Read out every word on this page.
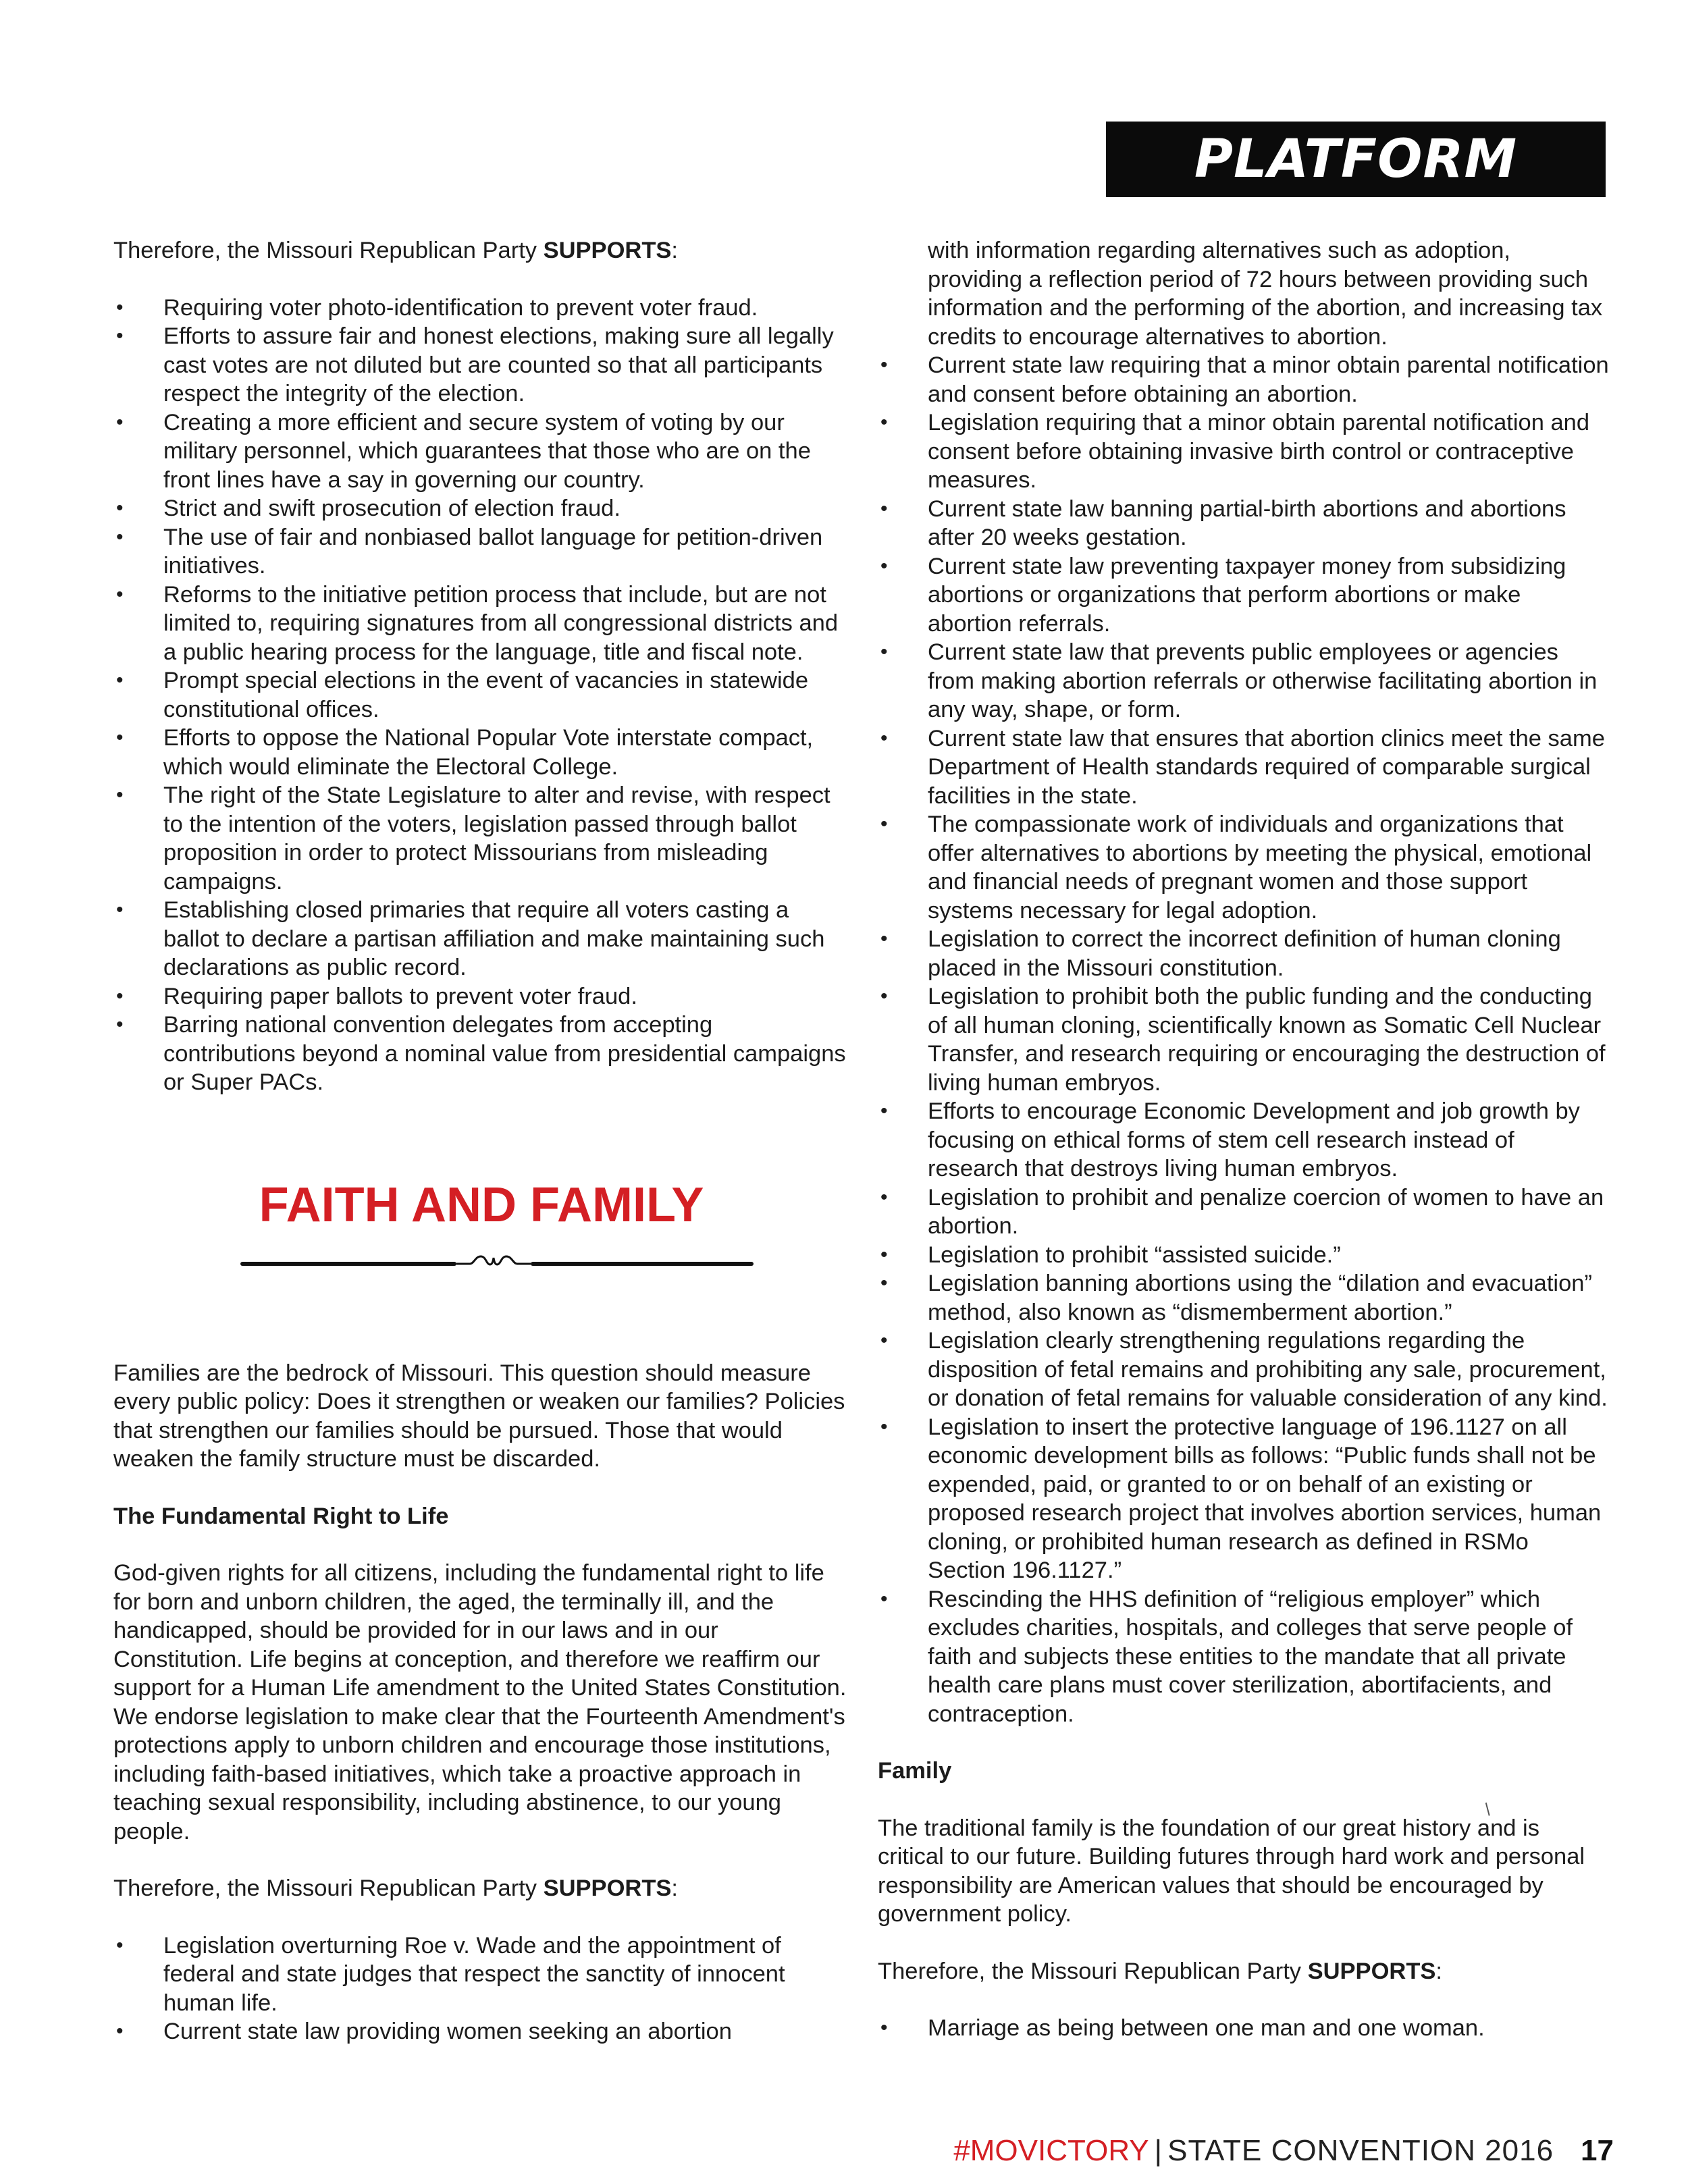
PLATFORM

Therefore, the Missouri Republican Party SUPPORTS:

• Requiring voter photo-identification to prevent voter fraud.
• Efforts to assure fair and honest elections, making sure all legally cast votes are not diluted but are counted so that all participants respect the integrity of the election.
• Creating a more efficient and secure system of voting by our military personnel, which guarantees that those who are on the front lines have a say in governing our country.
• Strict and swift prosecution of election fraud.
• The use of fair and nonbiased ballot language for petition-driven initiatives.
• Reforms to the initiative petition process that include, but are not limited to, requiring signatures from all congressional districts and a public hearing process for the language, title and fiscal note.
• Prompt special elections in the event of vacancies in statewide constitutional offices.
• Efforts to oppose the National Popular Vote interstate compact, which would eliminate the Electoral College.
• The right of the State Legislature to alter and revise, with respect to the intention of the voters, legislation passed through ballot proposition in order to protect Missourians from misleading campaigns.
• Establishing closed primaries that require all voters casting a ballot to declare a partisan affiliation and make maintaining such declarations as public record.
• Requiring paper ballots to prevent voter fraud.
• Barring national convention delegates from accepting contributions beyond a nominal value from presidential campaigns or Super PACs.
FAITH AND FAMILY

Families are the bedrock of Missouri. This question should measure every public policy: Does it strengthen or weaken our families? Policies that strengthen our families should be pursued. Those that would weaken the family structure must be discarded.

The Fundamental Right to Life

God-given rights for all citizens, including the fundamental right to life for born and unborn children, the aged, the terminally ill, and the handicapped, should be provided for in our laws and in our Constitution. Life begins at conception, and therefore we reaffirm our support for a Human Life amendment to the United States Constitution. We endorse legislation to make clear that the Fourteenth Amendment's protections apply to unborn children and encourage those institutions, including faith-based initiatives, which take a proactive approach in teaching sexual responsibility, including abstinence, to our young people.

Therefore, the Missouri Republican Party SUPPORTS:

• Legislation overturning Roe v. Wade and the appointment of federal and state judges that respect the sanctity of innocent human life.
• Current state law providing women seeking an abortion

with information regarding alternatives such as adoption, providing a reflection period of 72 hours between providing such information and the performing of the abortion, and increasing tax credits to encourage alternatives to abortion.

• Current state law requiring that a minor obtain parental notification and consent before obtaining an abortion.
• Legislation requiring that a minor obtain parental notification and consent before obtaining invasive birth control or contraceptive measures.
• Current state law banning partial-birth abortions and abortions after 20 weeks gestation.
• Current state law preventing taxpayer money from subsidizing abortions or organizations that perform abortions or make abortion referrals.
• Current state law that prevents public employees or agencies from making abortion referrals or otherwise facilitating abortion in any way, shape, or form.
• Current state law that ensures that abortion clinics meet the same Department of Health standards required of comparable surgical facilities in the state.
• The compassionate work of individuals and organizations that offer alternatives to abortions by meeting the physical, emotional and financial needs of pregnant women and those support systems necessary for legal adoption.
• Legislation to correct the incorrect definition of human cloning placed in the Missouri constitution.
• Legislation to prohibit both the public funding and the conducting of all human cloning, scientifically known as Somatic Cell Nuclear Transfer, and research requiring or encouraging the destruction of living human embryos.
• Efforts to encourage Economic Development and job growth by focusing on ethical forms of stem cell research instead of research that destroys living human embryos.
• Legislation to prohibit and penalize coercion of women to have an abortion.
• Legislation to prohibit “assisted suicide.”
• Legislation banning abortions using the “dilation and evacuation” method, also known as “dismemberment abortion.”
• Legislation clearly strengthening regulations regarding the disposition of fetal remains and prohibiting any sale, procurement, or donation of fetal remains for valuable consideration of any kind.
• Legislation to insert the protective language of 196.1127 on all economic development bills as follows: “Public funds shall not be expended, paid, or granted to or on behalf of an existing or proposed research project that involves abortion services, human cloning, or prohibited human research as defined in RSMo Section 196.1127.”
• Rescinding the HHS definition of “religious employer” which excludes charities, hospitals, and colleges that serve people of faith and subjects these entities to the mandate that all private health care plans must cover sterilization, abortifacients, and contraception.

Family

The traditional family is the foundation of our great history and is critical to our future. Building futures through hard work and personal responsibility are American values that should be encouraged by government policy.

Therefore, the Missouri Republican Party SUPPORTS:

• Marriage as being between one man and one woman.
/
#MOVICTORY | STATE CONVENTION 2016 17
